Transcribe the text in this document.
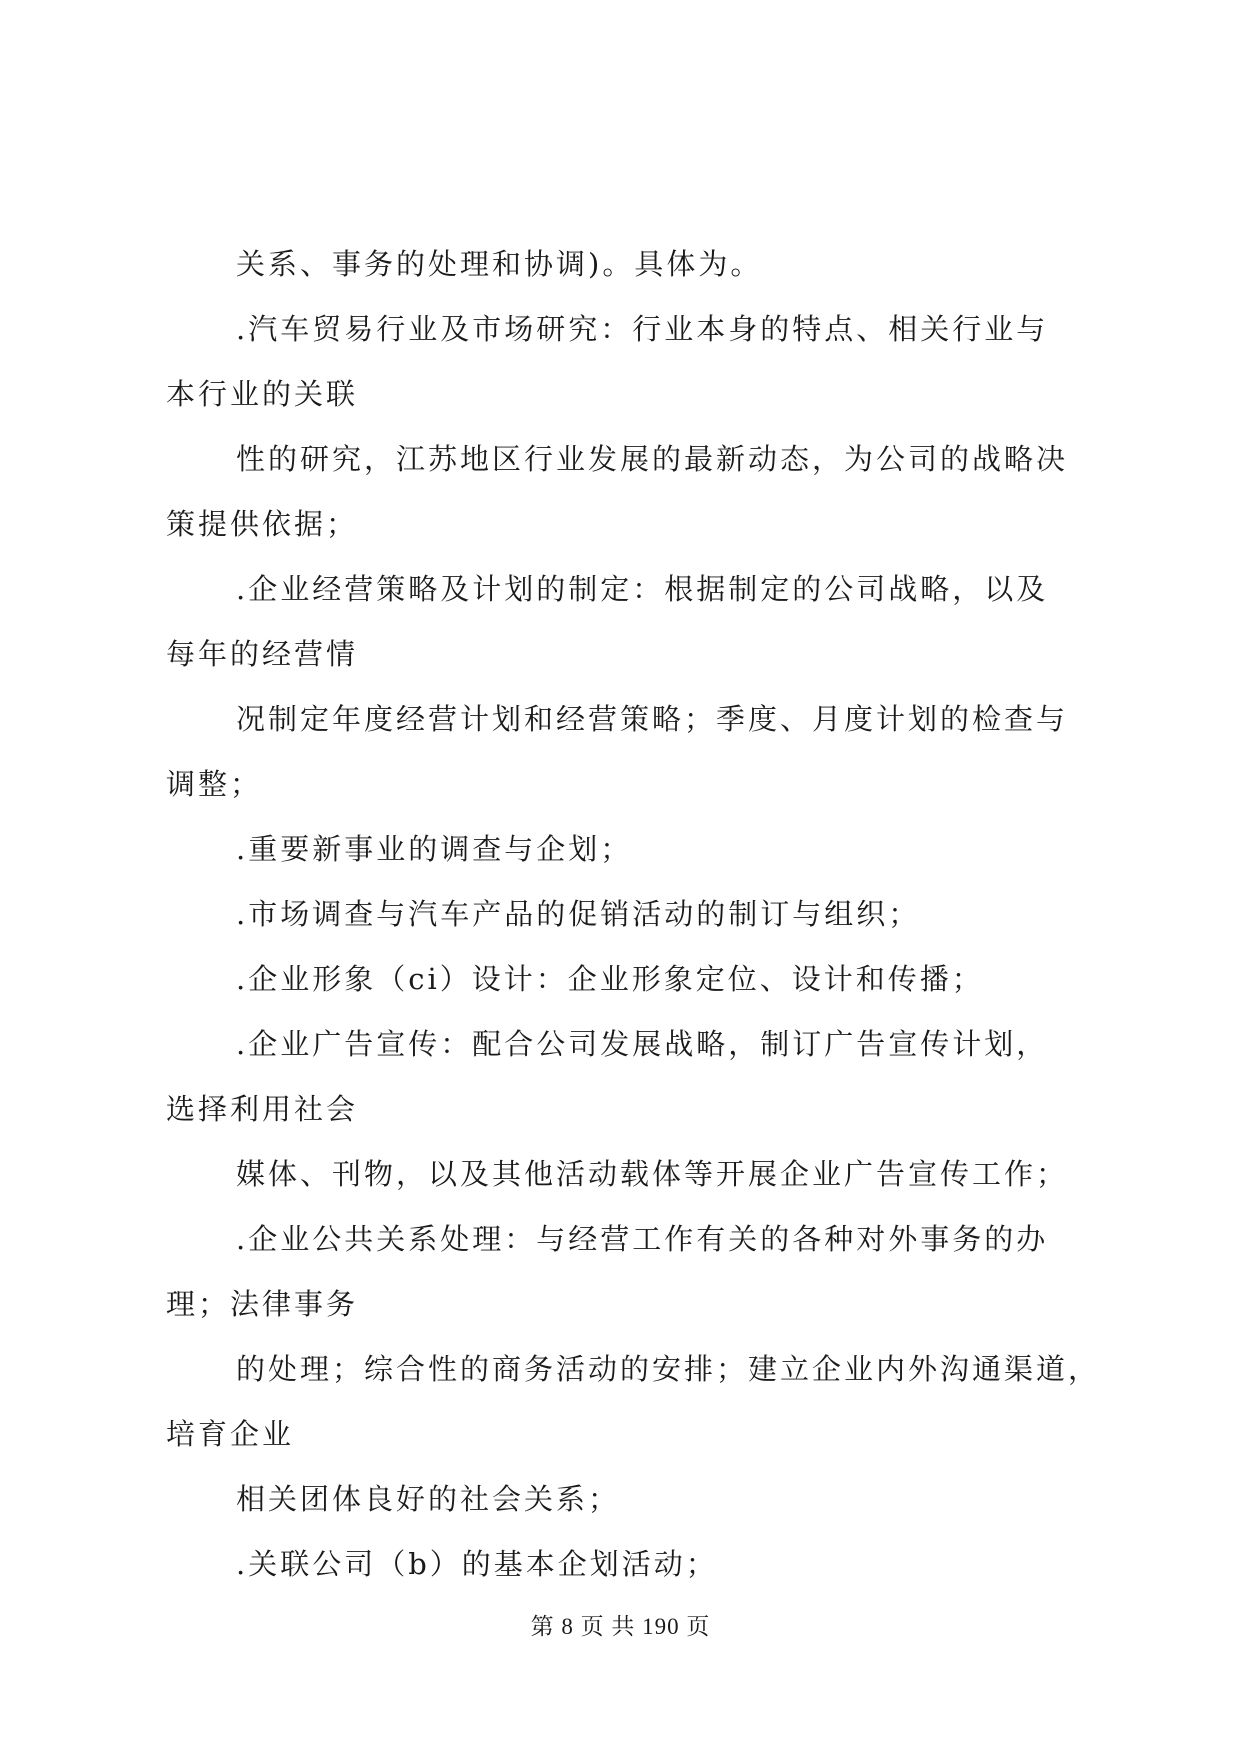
关系、事务的处理和协调)。具体为。
.汽车贸易行业及市场研究：行业本身的特点、相关行业与
本行业的关联
性的研究，江苏地区行业发展的最新动态，为公司的战略决
策提供依据；
.企业经营策略及计划的制定：根据制定的公司战略，以及
每年的经营情
况制定年度经营计划和经营策略；季度、月度计划的检查与
调整；
.重要新事业的调查与企划；
.市场调查与汽车产品的促销活动的制订与组织；
.企业形象（ci）设计：企业形象定位、设计和传播；
.企业广告宣传：配合公司发展战略，制订广告宣传计划，
选择利用社会
媒体、刊物，以及其他活动载体等开展企业广告宣传工作；
.企业公共关系处理：与经营工作有关的各种对外事务的办
理；法律事务
的处理；综合性的商务活动的安排；建立企业内外沟通渠道，
培育企业
相关团体良好的社会关系；
.关联公司（b）的基本企划活动；
第 8 页 共 190 页
